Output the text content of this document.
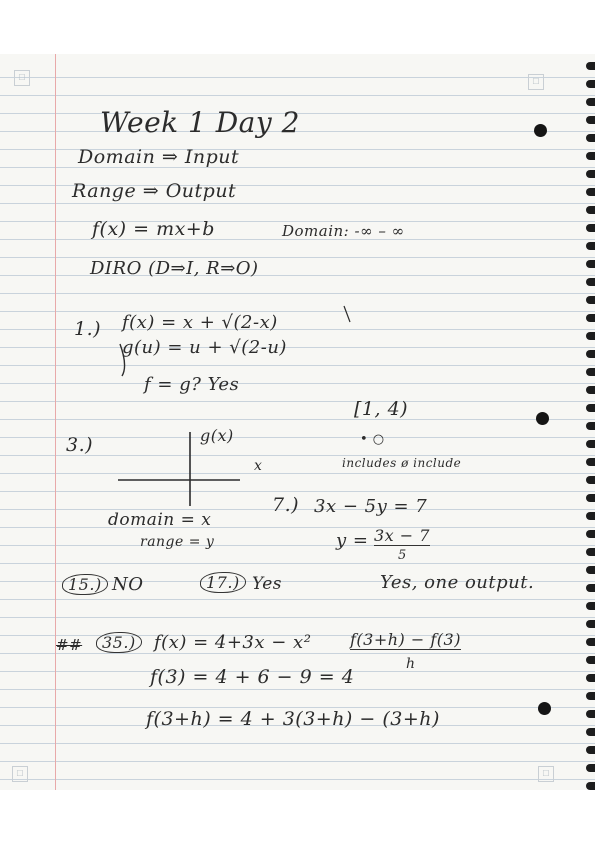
☐	☐
☐	☐
Week 1 Day 2
Domain ⇒ Input
Range ⇒ Output
f(x) = mx+b	Domain: -∞ – ∞
DIRO (D⇒I, R⇒O)
1.) f(x) = x + √(2-x)
g(u) = u + √(2-u)
f = g? Yes
[1, 4)
• ○
includes ø include
3.)	g(x)
x
domain = x
range = y
7.) 3x − 5y = 7
y = 3x − 7
5
15.) NO	17.) Yes	Yes, one output.
##	35.)	f(x) = 4+3x − x² f(3+h) − f(3)
h
f(3) = 4 + 6 − 9 = 4
f(3+h) = 4 + 3(3+h) − (3+h)
